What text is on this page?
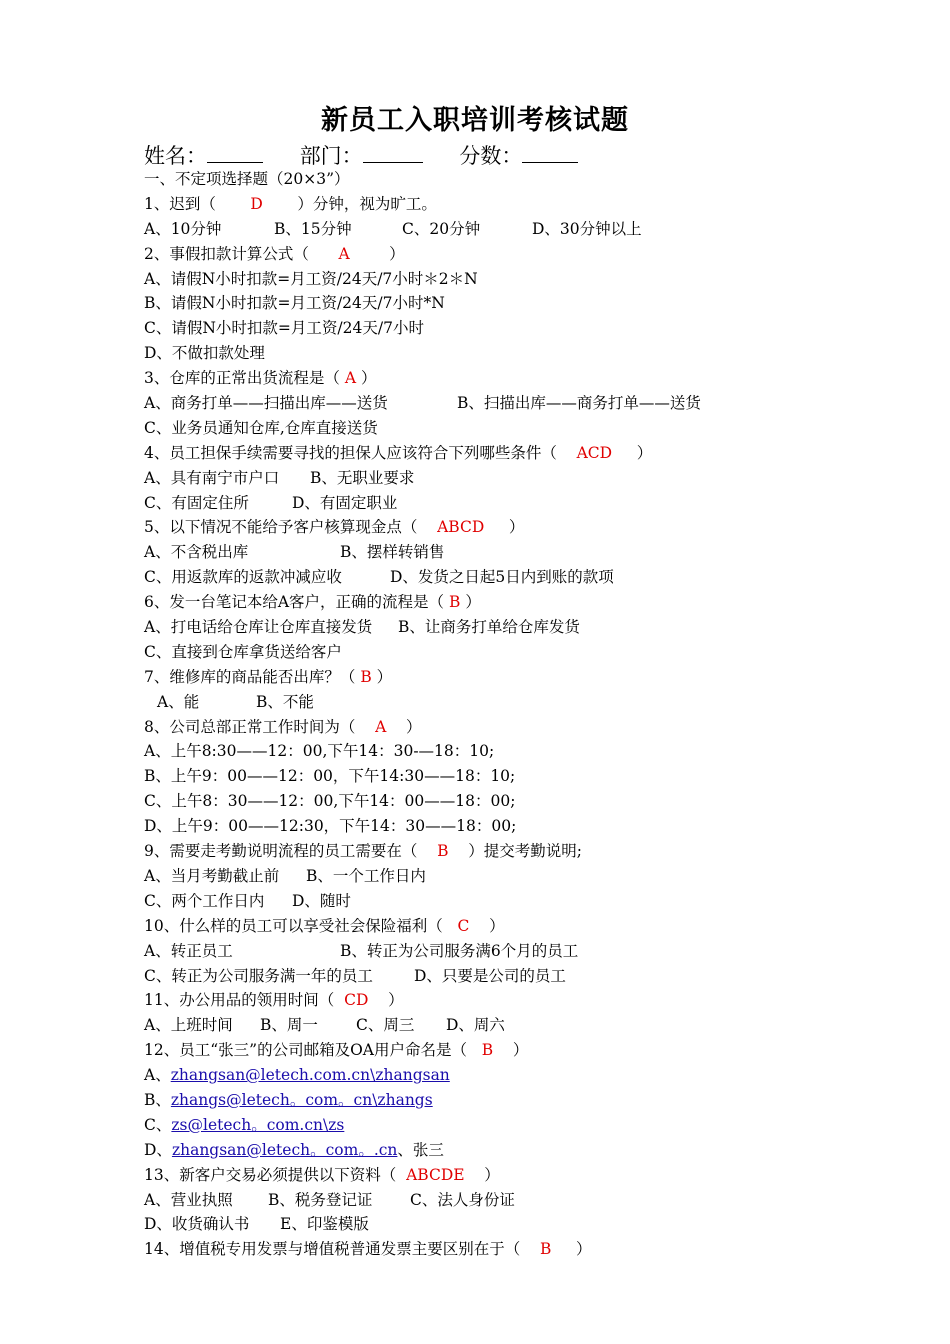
新员工入职培训考核试题
姓名：	部门：	分数：
一、不定项选择题（20×3”）
1、迟到（ D ）分钟，视为旷工。
A、10分钟	B、15分钟	C、20分钟	D、30分钟以上
2、事假扣款计算公式（ A	）
A、请假N小时扣款=月工资/24天/7小时＊2＊N
B、请假N小时扣款=月工资/24天/7小时*N
C、请假N小时扣款=月工资/24天/7小时
D、不做扣款处理
3、仓库的正常出货流程是（ A ）
A、商务打单——扫描出库——送货	B、扫描出库——商务打单——送货
C、业务员通知仓库,仓库直接送货
4、员工担保手续需要寻找的担保人应该符合下列哪些条件（ ACD ）
A、具有南宁市户口 B、无职业要求
C、有固定住所	D、有固定职业
5、以下情况不能给予客户核算现金点（ ABCD ）
A、不含税出库	B、摆样转销售
C、用返款库的返款冲减应收	D、发货之日起5日内到账的款项
6、发一台笔记本给A客户，正确的流程是（ B ）
A、打电话给仓库让仓库直接发货 B、让商务打单给仓库发货
C、直接到仓库拿货送给客户
7、维修库的商品能否出库？（ B ）
A、能	B、不能
8、公司总部正常工作时间为（ A ）
A、上午8:30——12：00,下午14：30-—18：10;
B、上午9：00——12：00，下午14:30——18：10;
C、上午8：30——12：00,下午14：00——18：00;
D、上午9：00——12:30，下午14：30——18：00;
9、需要走考勤说明流程的员工需要在（ B ）提交考勤说明;
A、当月考勤截止前 B、一个工作日内
C、两个工作日内 D、随时
10、什么样的员工可以享受社会保险福利（ C ）
A、转正员工	B、转正为公司服务满6个月的员工
C、转正为公司服务满一年的员工	D、只要是公司的员工
11、办公用品的领用时间（ CD ）
A、上班时间 B、周一 C、周三 D、周六
12、员工“张三”的公司邮箱及OA用户命名是（ B ）
A、zhangsan@letech.com.cn\zhangsan
B、zhangs@letech。com。cn\zhangs
C、zs@letech。com.cn\zs
D、zhangsan@letech。com。.cn、张三
13、新客户交易必须提供以下资料（ ABCDE ）
A、营业执照 B、税务登记证 C、法人身份证
D、收货确认书 E、印鉴模版
14、增值税专用发票与增值税普通发票主要区别在于（ B ）
